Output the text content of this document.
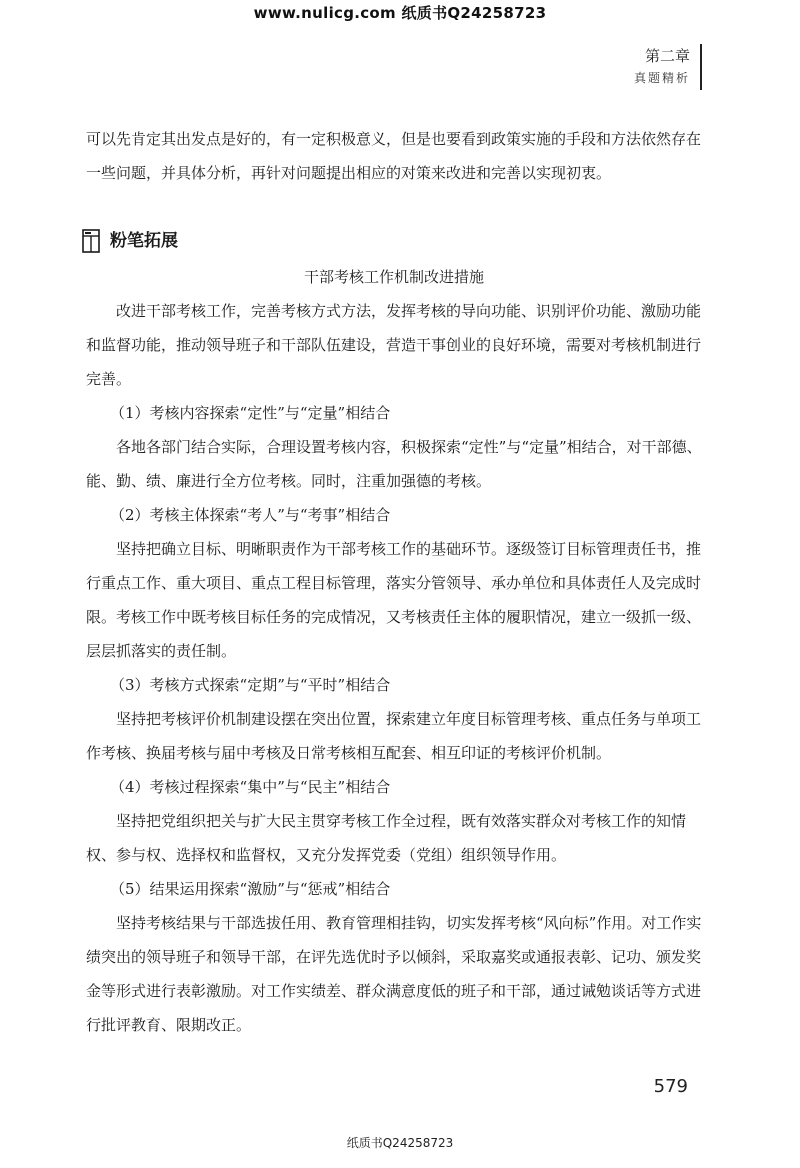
www.nulicg.com 纸质书Q24258723
第二章
真题精析

可以先肯定其出发点是好的，有一定积极意义，但是也要看到政策实施的手段和方法依然存在一些问题，并具体分析，再针对问题提出相应的对策来改进和完善以实现初衷。

粉笔拓展

干部考核工作机制改进措施

改进干部考核工作，完善考核方式方法，发挥考核的导向功能、识别评价功能、激励功能和监督功能，推动领导班子和干部队伍建设，营造干事创业的良好环境，需要对考核机制进行完善。

（1）考核内容探索“定性”与“定量”相结合

各地各部门结合实际，合理设置考核内容，积极探索“定性”与“定量”相结合，对干部德、能、勤、绩、廉进行全方位考核。同时，注重加强德的考核。

（2）考核主体探索“考人”与“考事”相结合

坚持把确立目标、明晰职责作为干部考核工作的基础环节。逐级签订目标管理责任书，推行重点工作、重大项目、重点工程目标管理，落实分管领导、承办单位和具体责任人及完成时限。考核工作中既考核目标任务的完成情况，又考核责任主体的履职情况，建立一级抓一级、层层抓落实的责任制。

（3）考核方式探索“定期”与“平时”相结合

坚持把考核评价机制建设摆在突出位置，探索建立年度目标管理考核、重点任务与单项工作考核、换届考核与届中考核及日常考核相互配套、相互印证的考核评价机制。

（4）考核过程探索“集中”与“民主”相结合

坚持把党组织把关与扩大民主贯穿考核工作全过程，既有效落实群众对考核工作的知情权、参与权、选择权和监督权，又充分发挥党委（党组）组织领导作用。

（5）结果运用探索“激励”与“惩戒”相结合

坚持考核结果与干部选拔任用、教育管理相挂钩，切实发挥考核“风向标”作用。对工作实绩突出的领导班子和领导干部，在评先选优时予以倾斜，采取嘉奖或通报表彰、记功、颁发奖金等形式进行表彰激励。对工作实绩差、群众满意度低的班子和干部，通过诫勉谈话等方式进行批评教育、限期改正。

579
纸质书Q24258723
